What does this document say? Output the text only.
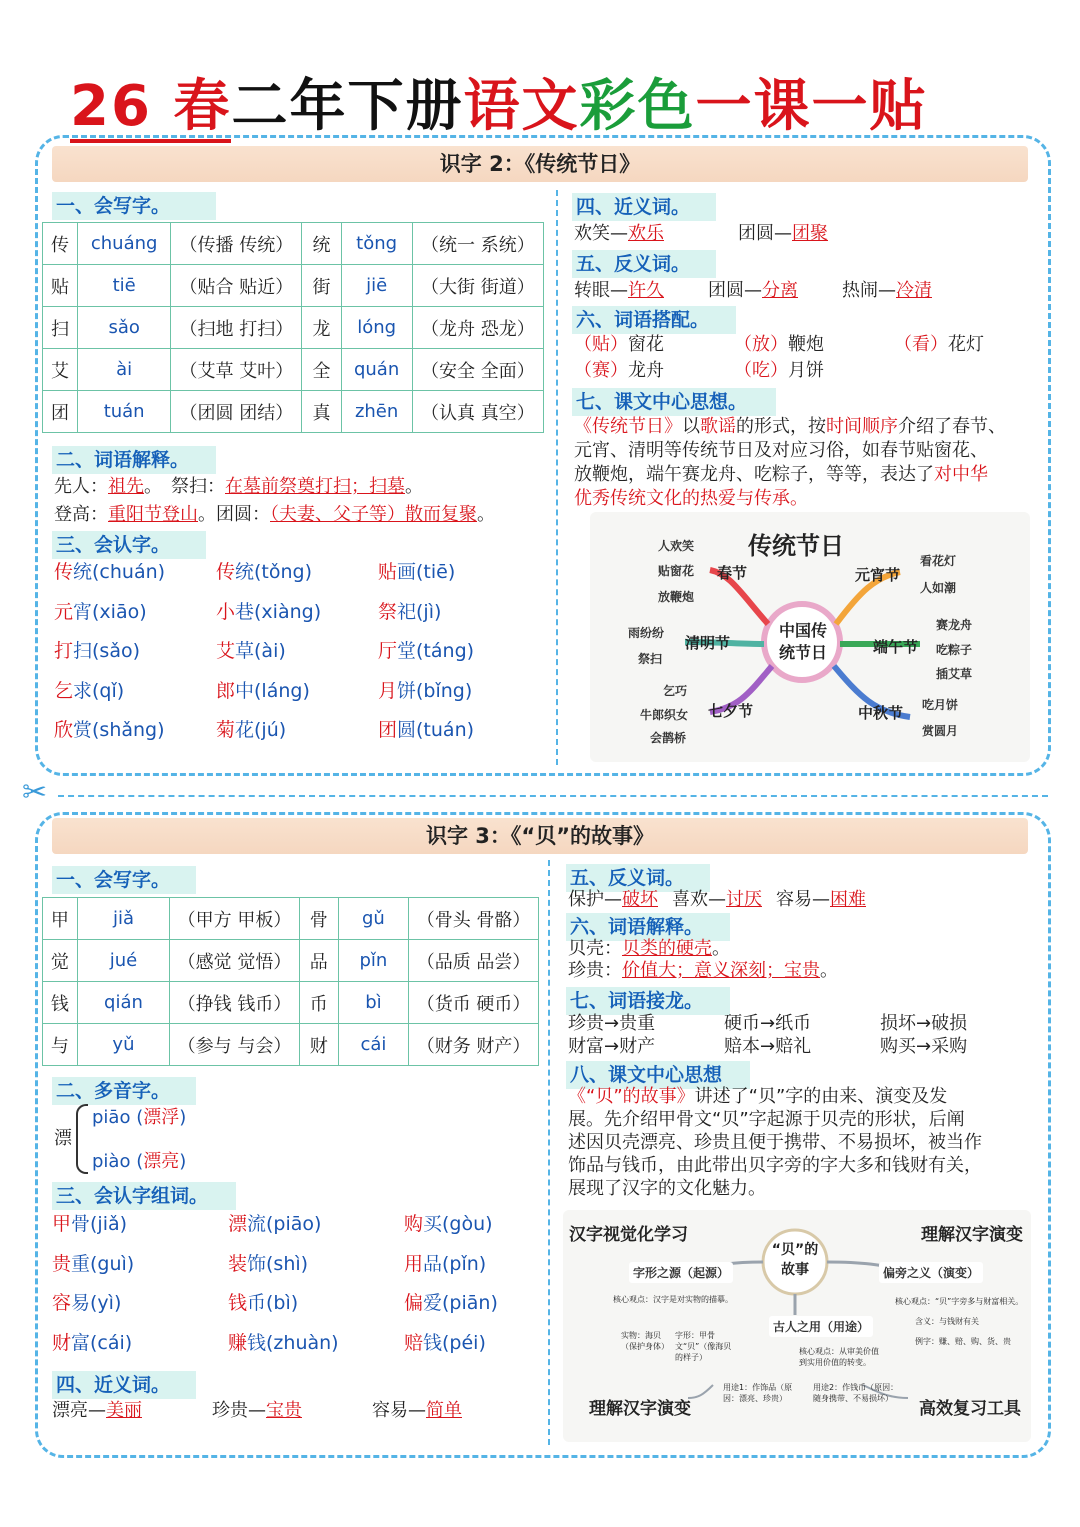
26 春二年下册语文彩色一课一贴
识字 2：《传统节日》
一、会写字。
传	chuáng	（传播 传统）	统	tǒng	（统一 系统）
贴	tiē	（贴合 贴近）	街	jiē	（大街 街道）
扫	sǎo	（扫地 打扫）	龙	lóng	（龙舟 恐龙）
艾	ài	（艾草 艾叶）	全	quán	（安全 全面）
团	tuán	（团圆 团结）	真	zhēn	（认真 真空）
二、词语解释。
先人：祖先。　祭扫：在墓前祭奠打扫；扫墓。
登高：重阳节登山。团圆：（夫妻、父子等）散而复聚。
三、会认字。
传统(chuán)	传统(tǒng)	贴画(tiē)
元宵(xiāo)	小巷(xiàng)	祭祀(jì)
打扫(sǎo)	艾草(ài)	厅堂(táng)
乞求(qǐ)	郎中(láng)	月饼(bǐng)
欣赏(shǎng)	菊花(jú)	团圆(tuán)
四、近义词。
欢笑—欢乐	团圆—团聚
五、反义词。
转眼—许久 团圆—分离 热闹—冷清
六、词语搭配。
（贴）窗花	（放）鞭炮	（看）花灯
（赛）龙舟	（吃）月饼
七、课文中心思想。
《传统节日》以歌谣的形式，按时间顺序介绍了春节、
元宵、清明等传统节日及对应习俗，如春节贴窗花、
放鞭炮，端午赛龙舟、吃粽子，等等，表达了对中华
优秀传统文化的热爱与传承。
传统节日
中国传统节日
春节
人欢笑
贴窗花
放鞭炮
元宵节
看花灯
人如潮
清明节
雨纷纷
祭扫
端午节
赛龙舟
吃粽子
插艾草
七夕节
乞巧
牛郎织女
会鹊桥
中秋节 吃月饼
赏圆月
✂
识字 3：《“贝”的故事》
一、会写字。
甲	jiǎ	（甲方 甲板）	骨	gǔ	（骨头 骨骼）
觉	jué	（感觉 觉悟）	品	pǐn	（品质 品尝）
钱	qián	（挣钱 钱币）	币	bì	（货币 硬币）
与	yǔ	（参与 与会）	财	cái	（财务 财产）
二、多音字。
漂
piāo (漂浮)
piào (漂亮)
三、会认字组词。
甲骨(jiǎ)	漂流(piāo)	购买(gòu)
贵重(guì)	装饰(shì)	用品(pǐn)
容易(yì)	钱币(bì)	偏爱(piān)
财富(cái)	赚钱(zhuàn)	赔钱(péi)
四、近义词。
漂亮—美丽	珍贵—宝贵	容易—简单
五、反义词。
保护—破坏 喜欢—讨厌 容易—困难
六、词语解释。
贝壳：贝类的硬壳。
珍贵：价值大；意义深刻；宝贵。
七、词语接龙。
珍贵→贵重	硬币→纸币	损坏→破损
财富→财产	赔本→赔礼	购买→采购
八、课文中心思想
《“贝”的故事》讲述了“贝”字的由来、演变及发
展。先介绍甲骨文“贝”字起源于贝壳的形状，后阐
述因贝壳漂亮、珍贵且便于携带、不易损坏，被当作
饰品与钱币，由此带出贝字旁的字大多和钱财有关，
展现了汉字的文化魅力。
汉字视觉化学习	理解汉字演变
“贝”的故事
字形之源（起源）	偏旁之义（演变）
古人之用（用途）
核心观点：汉字是对实物的描摹。	核心观点：“贝”字旁多与财富相关。
核心观点：从审美价值到实用价值的转变。
实物：海贝（保护身体）
字形：甲骨文“贝”（像海贝的样子）
含义：与钱财有关
例字：赚、赔、购、货、贵
用途1：作饰品（原因：漂亮、珍贵）
用途2：作钱币（原因：随身携带、不易损坏）
理解汉字演变	高效复习工具
